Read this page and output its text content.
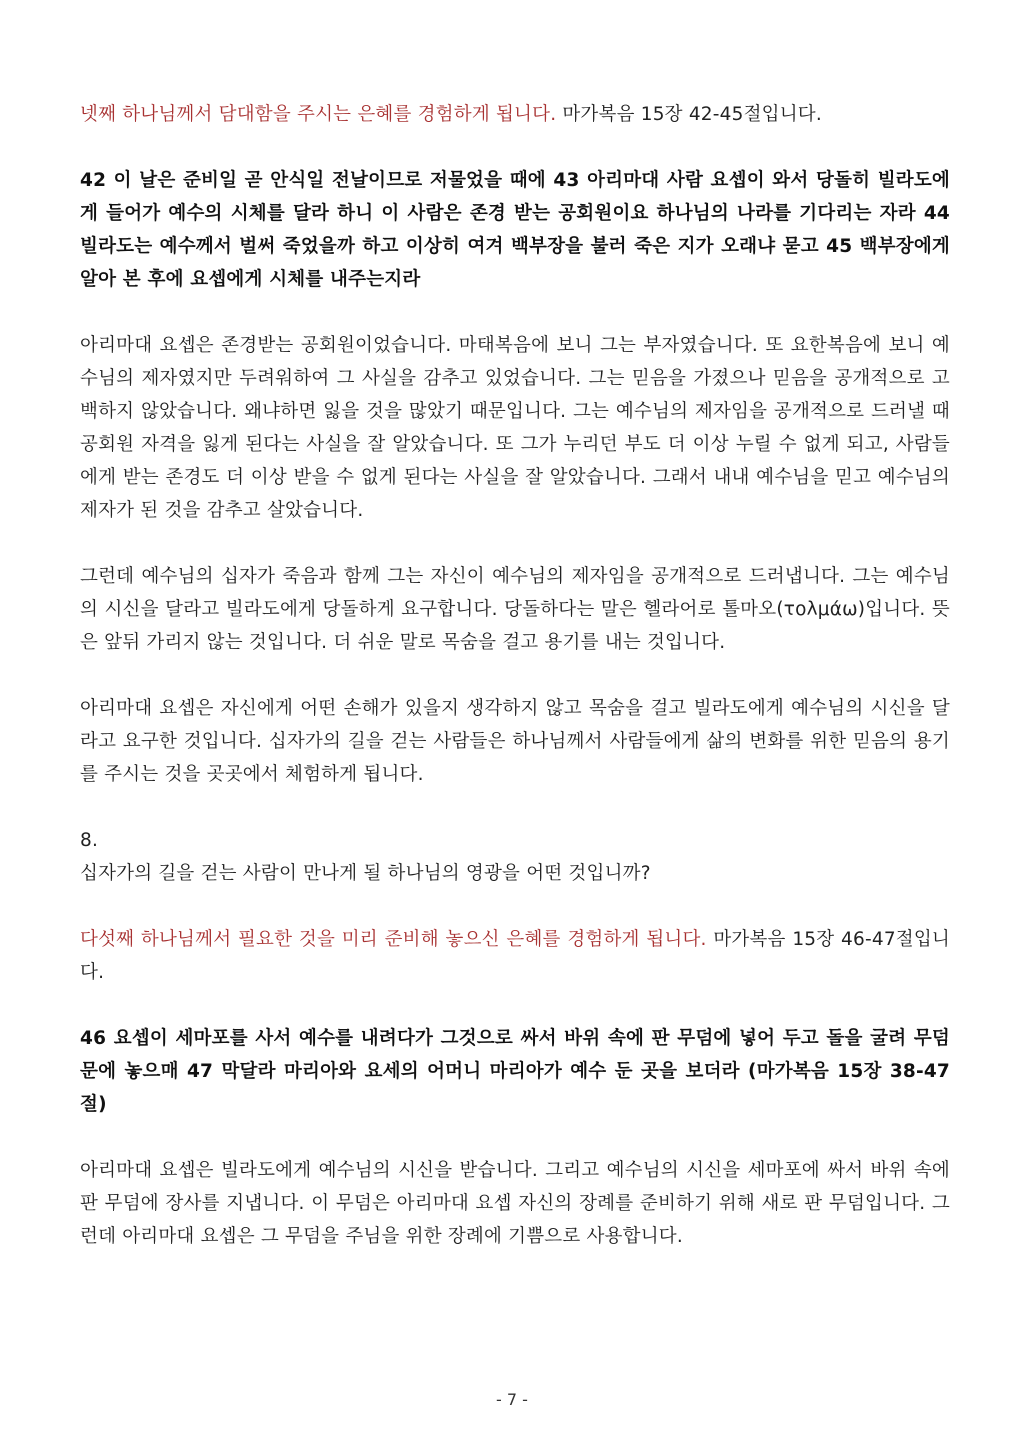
넷째 하나님께서 담대함을 주시는 은혜를 경험하게 됩니다. 마가복음 15장 42-45절입니다.

42 이 날은 준비일 곧 안식일 전날이므로 저물었을 때에 43 아리마대 사람 요셉이 와서 당돌히 빌라도에게 들어가 예수의 시체를 달라 하니 이 사람은 존경 받는 공회원이요 하나님의 나라를 기다리는 자라 44 빌라도는 예수께서 벌써 죽었을까 하고 이상히 여겨 백부장을 불러 죽은 지가 오래냐 묻고 45 백부장에게 알아 본 후에 요셉에게 시체를 내주는지라

아리마대 요셉은 존경받는 공회원이었습니다. 마태복음에 보니 그는 부자였습니다. 또 요한복음에 보니 예수님의 제자였지만 두려워하여 그 사실을 감추고 있었습니다. 그는 믿음을 가졌으나 믿음을 공개적으로 고백하지 않았습니다. 왜냐하면 잃을 것을 많았기 때문입니다. 그는 예수님의 제자임을 공개적으로 드러낼 때 공회원 자격을 잃게 된다는 사실을 잘 알았습니다. 또 그가 누리던 부도 더 이상 누릴 수 없게 되고, 사람들에게 받는 존경도 더 이상 받을 수 없게 된다는 사실을 잘 알았습니다. 그래서 내내 예수님을 믿고 예수님의 제자가 된 것을 감추고 살았습니다.

그런데 예수님의 십자가 죽음과 함께 그는 자신이 예수님의 제자임을 공개적으로 드러냅니다. 그는 예수님의 시신을 달라고 빌라도에게 당돌하게 요구합니다. 당돌하다는 말은 헬라어로 톨마오(τολμάω)입니다. 뜻은 앞뒤 가리지 않는 것입니다. 더 쉬운 말로 목숨을 걸고 용기를 내는 것입니다.

아리마대 요셉은 자신에게 어떤 손해가 있을지 생각하지 않고 목숨을 걸고 빌라도에게 예수님의 시신을 달라고 요구한 것입니다. 십자가의 길을 걷는 사람들은 하나님께서 사람들에게 삶의 변화를 위한 믿음의 용기를 주시는 것을 곳곳에서 체험하게 됩니다.

8.

십자가의 길을 걷는 사람이 만나게 될 하나님의 영광을 어떤 것입니까?

다섯째 하나님께서 필요한 것을 미리 준비해 놓으신 은혜를 경험하게 됩니다. 마가복음 15장 46-47절입니다.

46 요셉이 세마포를 사서 예수를 내려다가 그것으로 싸서 바위 속에 판 무덤에 넣어 두고 돌을 굴려 무덤 문에 놓으매 47 막달라 마리아와 요세의 어머니 마리아가 예수 둔 곳을 보더라 (마가복음 15장 38-47절)

아리마대 요셉은 빌라도에게 예수님의 시신을 받습니다. 그리고 예수님의 시신을 세마포에 싸서 바위 속에 판 무덤에 장사를 지냅니다. 이 무덤은 아리마대 요셉 자신의 장례를 준비하기 위해 새로 판 무덤입니다. 그런데 아리마대 요셉은 그 무덤을 주님을 위한 장례에 기쁨으로 사용합니다.

- 7 -
